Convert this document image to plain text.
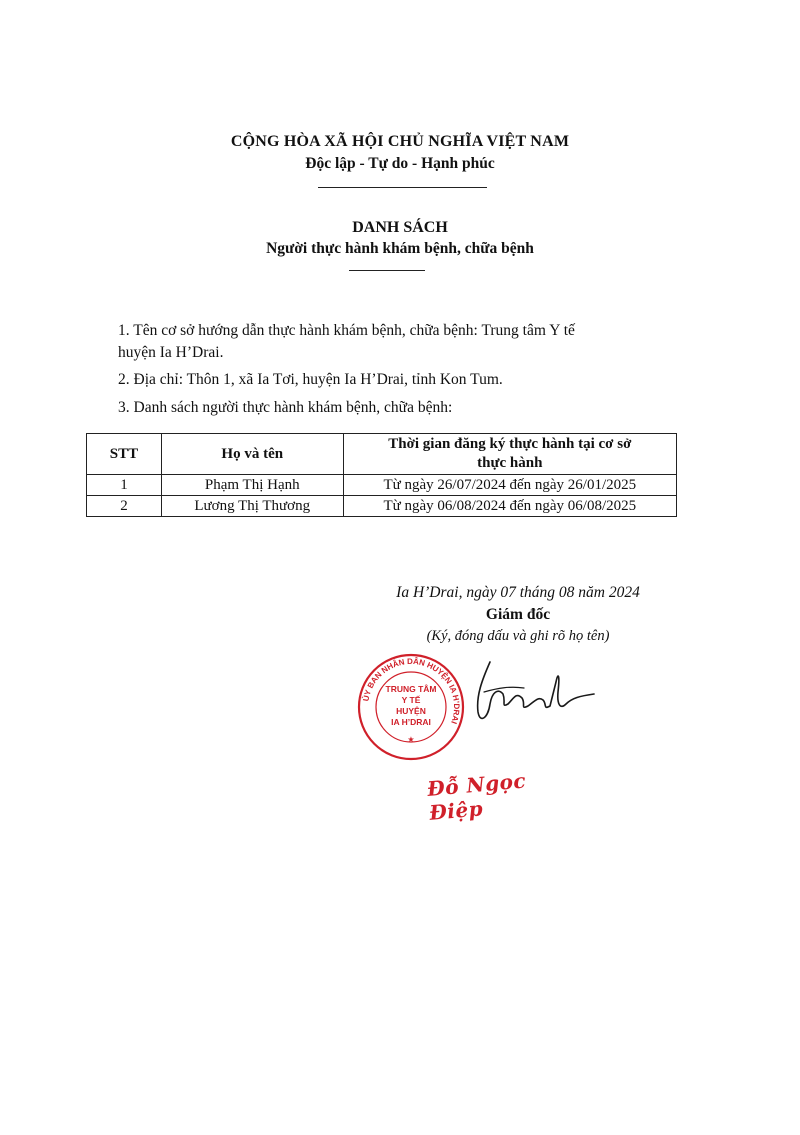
CỘNG HÒA XÃ HỘI CHỦ NGHĨA VIỆT NAM
Độc lập - Tự do - Hạnh phúc
DANH SÁCH
Người thực hành khám bệnh, chữa bệnh
1. Tên cơ sở hướng dẫn thực hành khám bệnh, chữa bệnh: Trung tâm Y tế
huyện Ia H’Drai.
2. Địa chỉ: Thôn 1, xã Ia Tơi, huyện Ia H’Drai, tỉnh Kon Tum.
3. Danh sách người thực hành khám bệnh, chữa bệnh:
STT	Họ và tên	Thời gian đăng ký thực hành tại cơ sở
thực hành

1	Phạm Thị Hạnh	Từ ngày 26/07/2024 đến ngày 26/01/2025
2	Lương Thị Thương	Từ ngày 06/08/2024 đến ngày 06/08/2025
Ia H’Drai, ngày 07 tháng 08 năm 2024
Giám đốc
(Ký, đóng dấu và ghi rõ họ tên)
ỦY BAN NHÂN DÂN HUYỆN IA H’DRAI
★
TRUNG TÂM
Y TẾ
HUYỆN
IA H’DRAI
Đỗ Ngọc Điệp
